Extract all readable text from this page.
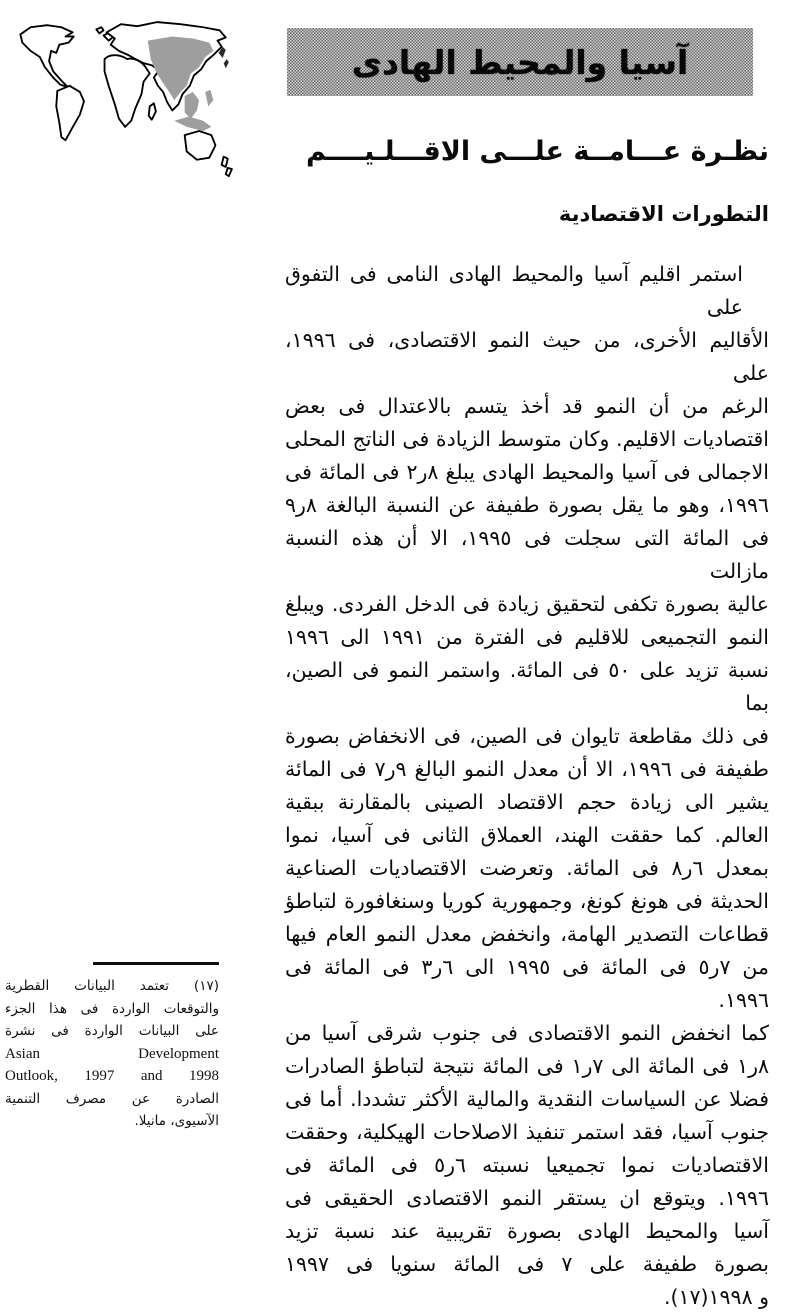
آسيا والمحيط الهادى
نظـرة عـــامــة علـــى الاقـــلـيــــم
التطورات الاقتصادية
استمر اقليم آسيا والمحيط الهادى النامى فى التفوق على
الأقاليم الأخرى، من حيث النمو الاقتصادى، فى ١٩٩٦، على
الرغم من أن النمو قد أخذ يتسم بالاعتدال فى بعض
اقتصاديات الاقليم. وكان متوسط الزيادة فى الناتج المحلى
الاجمالى فى آسيا والمحيط الهادى يبلغ ٨ر٢ فى المائة فى
١٩٩٦، وهو ما يقل بصورة طفيفة عن النسبة البالغة ٨ر٩
فى المائة التى سجلت فى ١٩٩٥، الا أن هذه النسبة مازالت
عالية بصورة تكفى لتحقيق زيادة فى الدخل الفردى. ويبلغ
النمو التجميعى للاقليم فى الفترة من ١٩٩١ الى ١٩٩٦
نسبة تزيد على ٥٠ فى المائة. واستمر النمو فى الصين، بما
فى ذلك مقاطعة تايوان فى الصين، فى الانخفاض بصورة
طفيفة فى ١٩٩٦، الا أن معدل النمو البالغ ٩ر٧ فى المائة
يشير الى زيادة حجم الاقتصاد الصينى بالمقارنة ببقية
العالم. كما حققت الهند، العملاق الثانى فى آسيا، نموا
بمعدل ٦ر٨ فى المائة. وتعرضت الاقتصاديات الصناعية
الحديثة فى هونغ كونغ، وجمهورية كوريا وسنغافورة لتباطؤ
قطاعات التصدير الهامة، وانخفض معدل النمو العام فيها
من ٧ر٥ فى المائة فى ١٩٩٥ الى ٦ر٣ فى المائة فى ١٩٩٦.
كما انخفض النمو الاقتصادى فى جنوب شرقى آسيا من
٨ر١ فى المائة الى ٧ر١ فى المائة نتيجة لتباطؤ الصادرات
فضلا عن السياسات النقدية والمالية الأكثر تشددا. أما فى
جنوب آسيا، فقد استمر تنفيذ الاصلاحات الهيكلية، وحققت
الاقتصاديات نموا تجميعيا نسبته ٦ر٥ فى المائة فى
١٩٩٦. ويتوقع ان يستقر النمو الاقتصادى الحقيقى فى
آسيا والمحيط الهادى بصورة تقريبية عند نسبة تزيد
بصورة طفيفة على ٧ فى المائة سنويا فى ١٩٩٧
و ١٩٩٨(١٧).
(١٧) تعتمد البيانات القطرية
والتوقعات الواردة فى هذا الجزء
على البيانات الواردة فى نشرة
Asian Development
Outlook, 1997 and 1998
الصادرة عن مصرف التنمية
الآسيوى، مانيلا.
